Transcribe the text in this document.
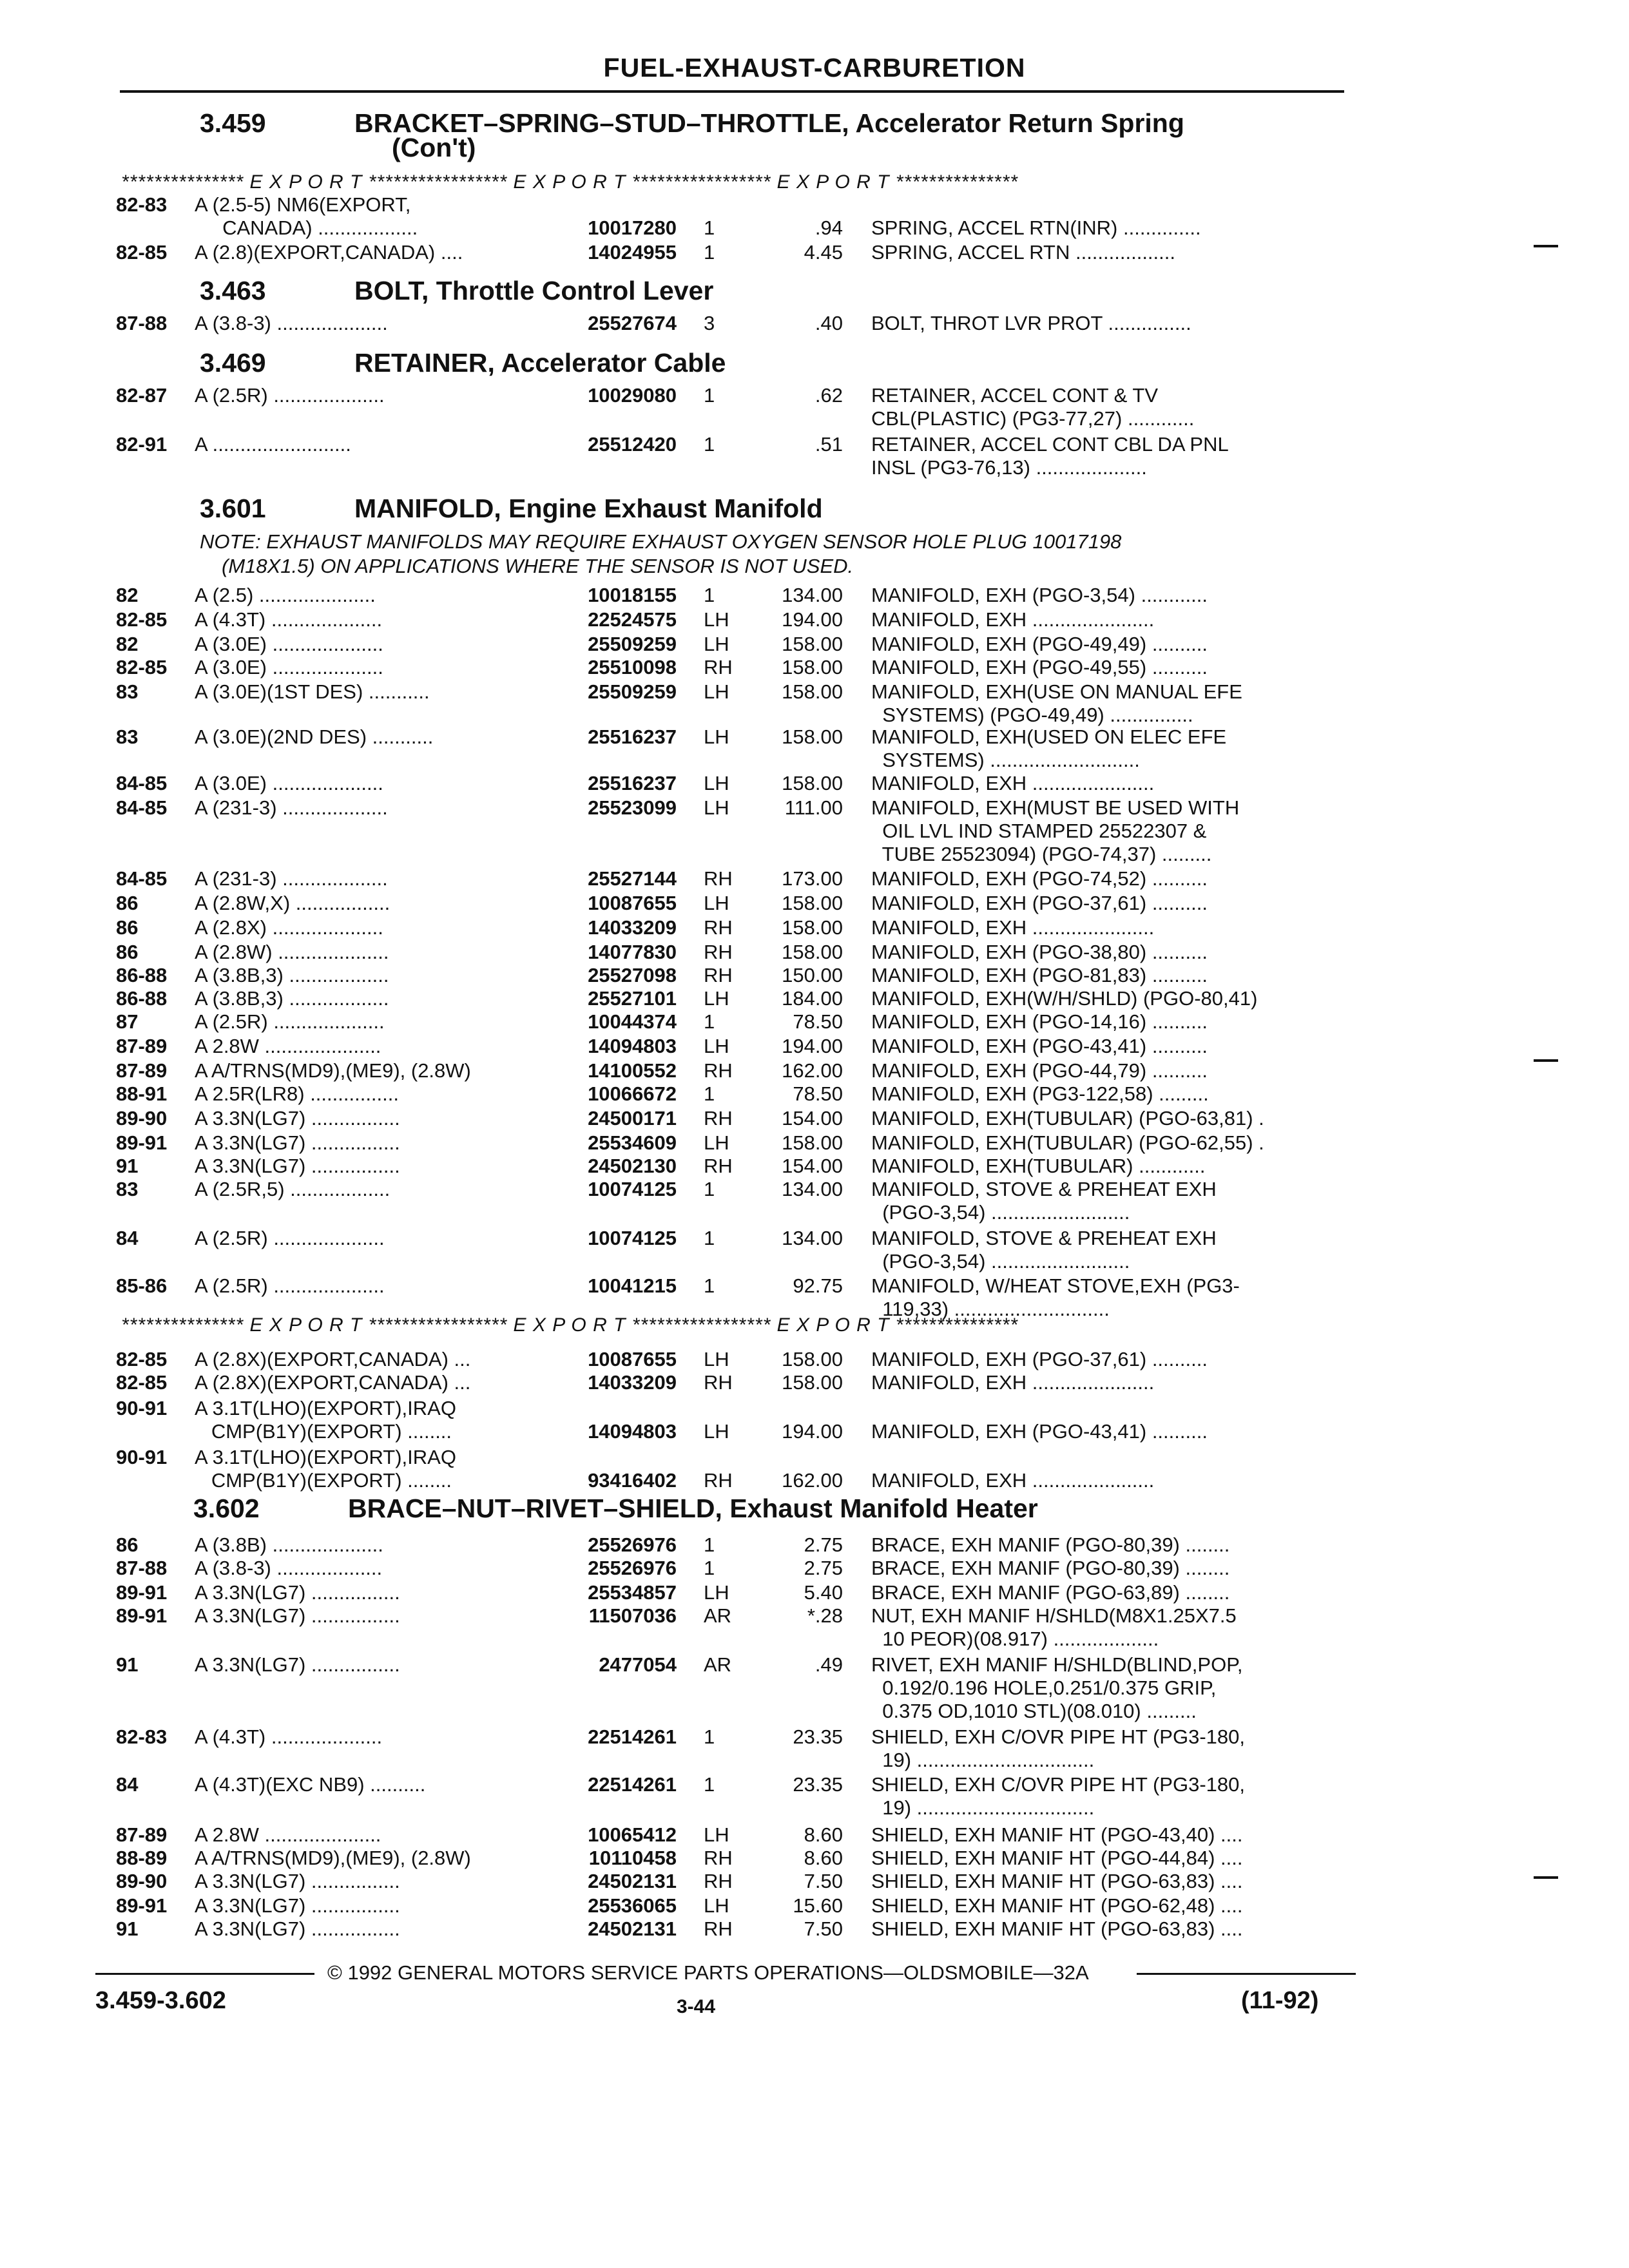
FUEL-EXHAUST-CARBURETION
3.459	BRACKET–SPRING–STUD–THROTTLE, Accelerator Return Spring
(Con't)
*************** E X P O R T ***************** E X P O R T ***************** E X P O R T ***************
3.463	BOLT, Throttle Control Lever
3.469	RETAINER, Accelerator Cable
3.601	MANIFOLD, Engine Exhaust Manifold
NOTE: EXHAUST MANIFOLDS MAY REQUIRE EXHAUST OXYGEN SENSOR HOLE PLUG 10017198
(M18X1.5) ON APPLICATIONS WHERE THE SENSOR IS NOT USED.
*************** E X P O R T ***************** E X P O R T ***************** E X P O R T ***************
3.602	BRACE–NUT–RIVET–SHIELD, Exhaust Manifold Heater
82-83 A (2.5-5) NM6(EXPORT,
CANADA) ..................	10017280 1	.94 SPRING, ACCEL RTN(INR) ..............
82-85 A (2.8)(EXPORT,CANADA) ....	14024955 1	4.45 SPRING, ACCEL RTN ..................
87-88 A (3.8-3) ....................	25527674 3	.40 BOLT, THROT LVR PROT ...............
82-87 A (2.5R) ....................	10029080 1	.62 RETAINER, ACCEL CONT & TV
CBL(PLASTIC) (PG3-77,27) ............
82-91 A .........................	25512420 1	.51 RETAINER, ACCEL CONT CBL DA PNL
INSL (PG3-76,13) ....................
82	A (2.5) .....................	10018155 1	134.00 MANIFOLD, EXH (PGO-3,54) ............
82-85 A (4.3T) ....................	22524575 LH	194.00 MANIFOLD, EXH ......................
82	A (3.0E) ....................	25509259 LH	158.00 MANIFOLD, EXH (PGO-49,49) ..........
82-85 A (3.0E) ....................	25510098 RH	158.00 MANIFOLD, EXH (PGO-49,55) ..........
83	A (3.0E)(1ST DES) ...........	25509259 LH	158.00 MANIFOLD, EXH(USE ON MANUAL EFE
SYSTEMS) (PGO-49,49) ...............
83	A (3.0E)(2ND DES) ...........	25516237 LH	158.00 MANIFOLD, EXH(USED ON ELEC EFE
SYSTEMS) ...........................
84-85 A (3.0E) ....................	25516237 LH	158.00 MANIFOLD, EXH ......................
84-85 A (231-3) ...................	25523099 LH	111.00 MANIFOLD, EXH(MUST BE USED WITH
OIL LVL IND STAMPED 25522307 &
TUBE 25523094) (PGO-74,37) .........
84-85 A (231-3) ...................	25527144 RH	173.00 MANIFOLD, EXH (PGO-74,52) ..........
86	A (2.8W,X) .................	10087655 LH	158.00 MANIFOLD, EXH (PGO-37,61) ..........
86	A (2.8X) ....................	14033209 RH	158.00 MANIFOLD, EXH ......................
86	A (2.8W) ....................	14077830 RH	158.00 MANIFOLD, EXH (PGO-38,80) ..........
86-88 A (3.8B,3) ..................	25527098 RH	150.00 MANIFOLD, EXH (PGO-81,83) ..........
86-88 A (3.8B,3) ..................	25527101 LH	184.00 MANIFOLD, EXH(W/H/SHLD) (PGO-80,41)
87	A (2.5R) ....................	10044374 1	78.50 MANIFOLD, EXH (PGO-14,16) ..........
87-89 A 2.8W .....................	14094803 LH	194.00 MANIFOLD, EXH (PGO-43,41) ..........
87-89 A A/TRNS(MD9),(ME9), (2.8W)	14100552 RH	162.00 MANIFOLD, EXH (PGO-44,79) ..........
88-91 A 2.5R(LR8) ................	10066672 1	78.50 MANIFOLD, EXH (PG3-122,58) .........
89-90 A 3.3N(LG7) ................	24500171 RH	154.00 MANIFOLD, EXH(TUBULAR) (PGO-63,81) .
89-91 A 3.3N(LG7) ................	25534609 LH	158.00 MANIFOLD, EXH(TUBULAR) (PGO-62,55) .
91	A 3.3N(LG7) ................	24502130 RH	154.00 MANIFOLD, EXH(TUBULAR) ............
83	A (2.5R,5) ..................	10074125 1	134.00 MANIFOLD, STOVE & PREHEAT EXH
(PGO-3,54) .........................
84	A (2.5R) ....................	10074125 1	134.00 MANIFOLD, STOVE & PREHEAT EXH
(PGO-3,54) .........................
85-86 A (2.5R) ....................	10041215 1	92.75 MANIFOLD, W/HEAT STOVE,EXH (PG3-
119,33) ............................
82-85 A (2.8X)(EXPORT,CANADA) ...	10087655 LH	158.00 MANIFOLD, EXH (PGO-37,61) ..........
82-85 A (2.8X)(EXPORT,CANADA) ...	14033209 RH	158.00 MANIFOLD, EXH ......................
90-91 A 3.1T(LHO)(EXPORT),IRAQ
CMP(B1Y)(EXPORT) ........	14094803 LH	194.00 MANIFOLD, EXH (PGO-43,41) ..........
90-91 A 3.1T(LHO)(EXPORT),IRAQ
CMP(B1Y)(EXPORT) ........	93416402 RH	162.00 MANIFOLD, EXH ......................
86	A (3.8B) ....................	25526976 1	2.75 BRACE, EXH MANIF (PGO-80,39) ........
87-88 A (3.8-3) ...................	25526976 1	2.75 BRACE, EXH MANIF (PGO-80,39) ........
89-91 A 3.3N(LG7) ................	25534857 LH	5.40 BRACE, EXH MANIF (PGO-63,89) ........
89-91 A 3.3N(LG7) ................	11507036 AR	*.28 NUT, EXH MANIF H/SHLD(M8X1.25X7.5
10 PEOR)(08.917) ...................
91	A 3.3N(LG7) ................	2477054 AR	.49 RIVET, EXH MANIF H/SHLD(BLIND,POP,
0.192/0.196 HOLE,0.251/0.375 GRIP,
0.375 OD,1010 STL)(08.010) .........
82-83 A (4.3T) ....................	22514261 1	23.35 SHIELD, EXH C/OVR PIPE HT (PG3-180,
19) ................................
84	A (4.3T)(EXC NB9) ..........	22514261 1	23.35 SHIELD, EXH C/OVR PIPE HT (PG3-180,
19) ................................
87-89 A 2.8W .....................	10065412 LH	8.60 SHIELD, EXH MANIF HT (PGO-43,40) ....
88-89 A A/TRNS(MD9),(ME9), (2.8W)	10110458 RH	8.60 SHIELD, EXH MANIF HT (PGO-44,84) ....
89-90 A 3.3N(LG7) ................	24502131 RH	7.50 SHIELD, EXH MANIF HT (PGO-63,83) ....
89-91 A 3.3N(LG7) ................	25536065 LH	15.60 SHIELD, EXH MANIF HT (PGO-62,48) ....
91	A 3.3N(LG7) ................	24502131 RH	7.50 SHIELD, EXH MANIF HT (PGO-63,83) ....
© 1992 GENERAL MOTORS SERVICE PARTS OPERATIONS—OLDSMOBILE—32A
3.459-3.602	3-44	(11-92)
